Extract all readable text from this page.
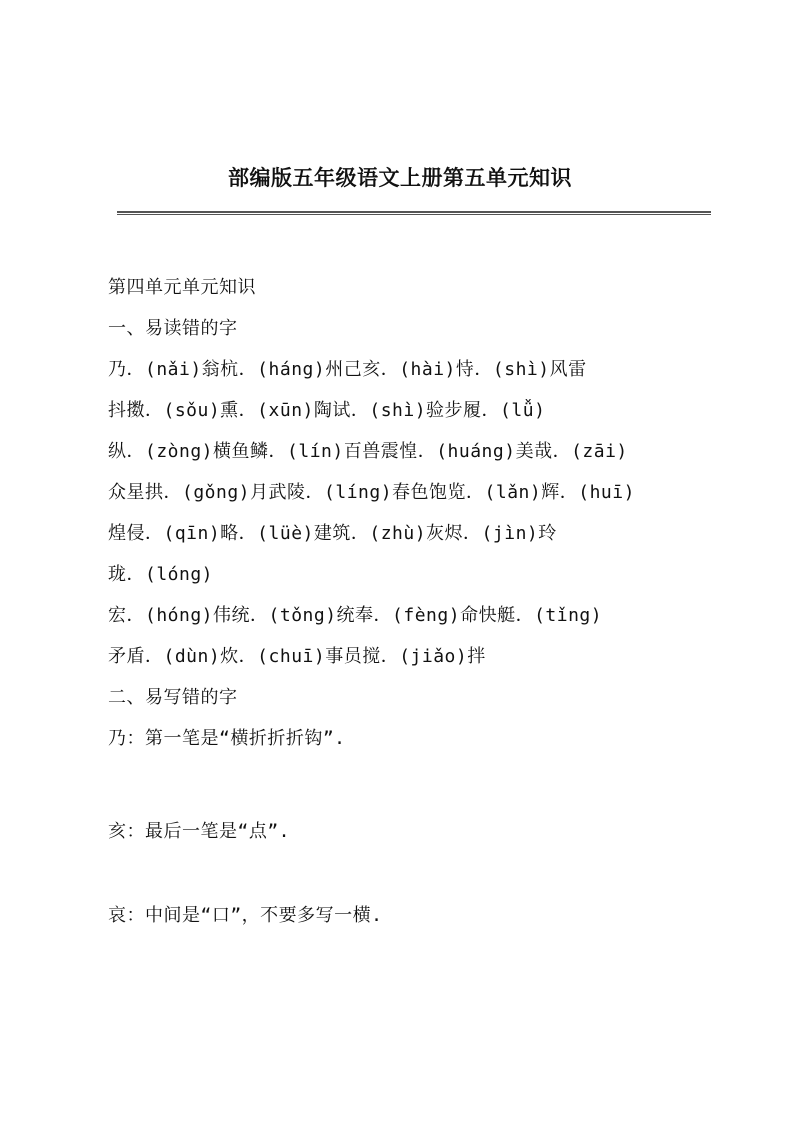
部编版五年级语文上册第五单元知识
第四单元单元知识
一、易读错的字
乃．(nǎi)翁杭．(háng)州己亥．(hài)恃．(shì)风雷
抖擞．(sǒu)熏．(xūn)陶试．(shì)验步履．(lǚ)
纵．(zòng)横鱼鳞．(lín)百兽震惶．(huáng)美哉．(zāi)
众星拱．(gǒng)月武陵．(líng)春色饱览．(lǎn)辉．(huī)
煌侵．(qīn)略．(lüè)建筑．(zhù)灰烬．(jìn)玲
珑．(lóng)
宏．(hóng)伟统．(tǒng)统奉．(fèng)命快艇．(tǐng)
矛盾．(dùn)炊．(chuī)事员搅．(jiǎo)拌
二、易写错的字
乃：第一笔是“横折折折钩”.
亥：最后一笔是“点”.
哀：中间是“口”，不要多写一横.
